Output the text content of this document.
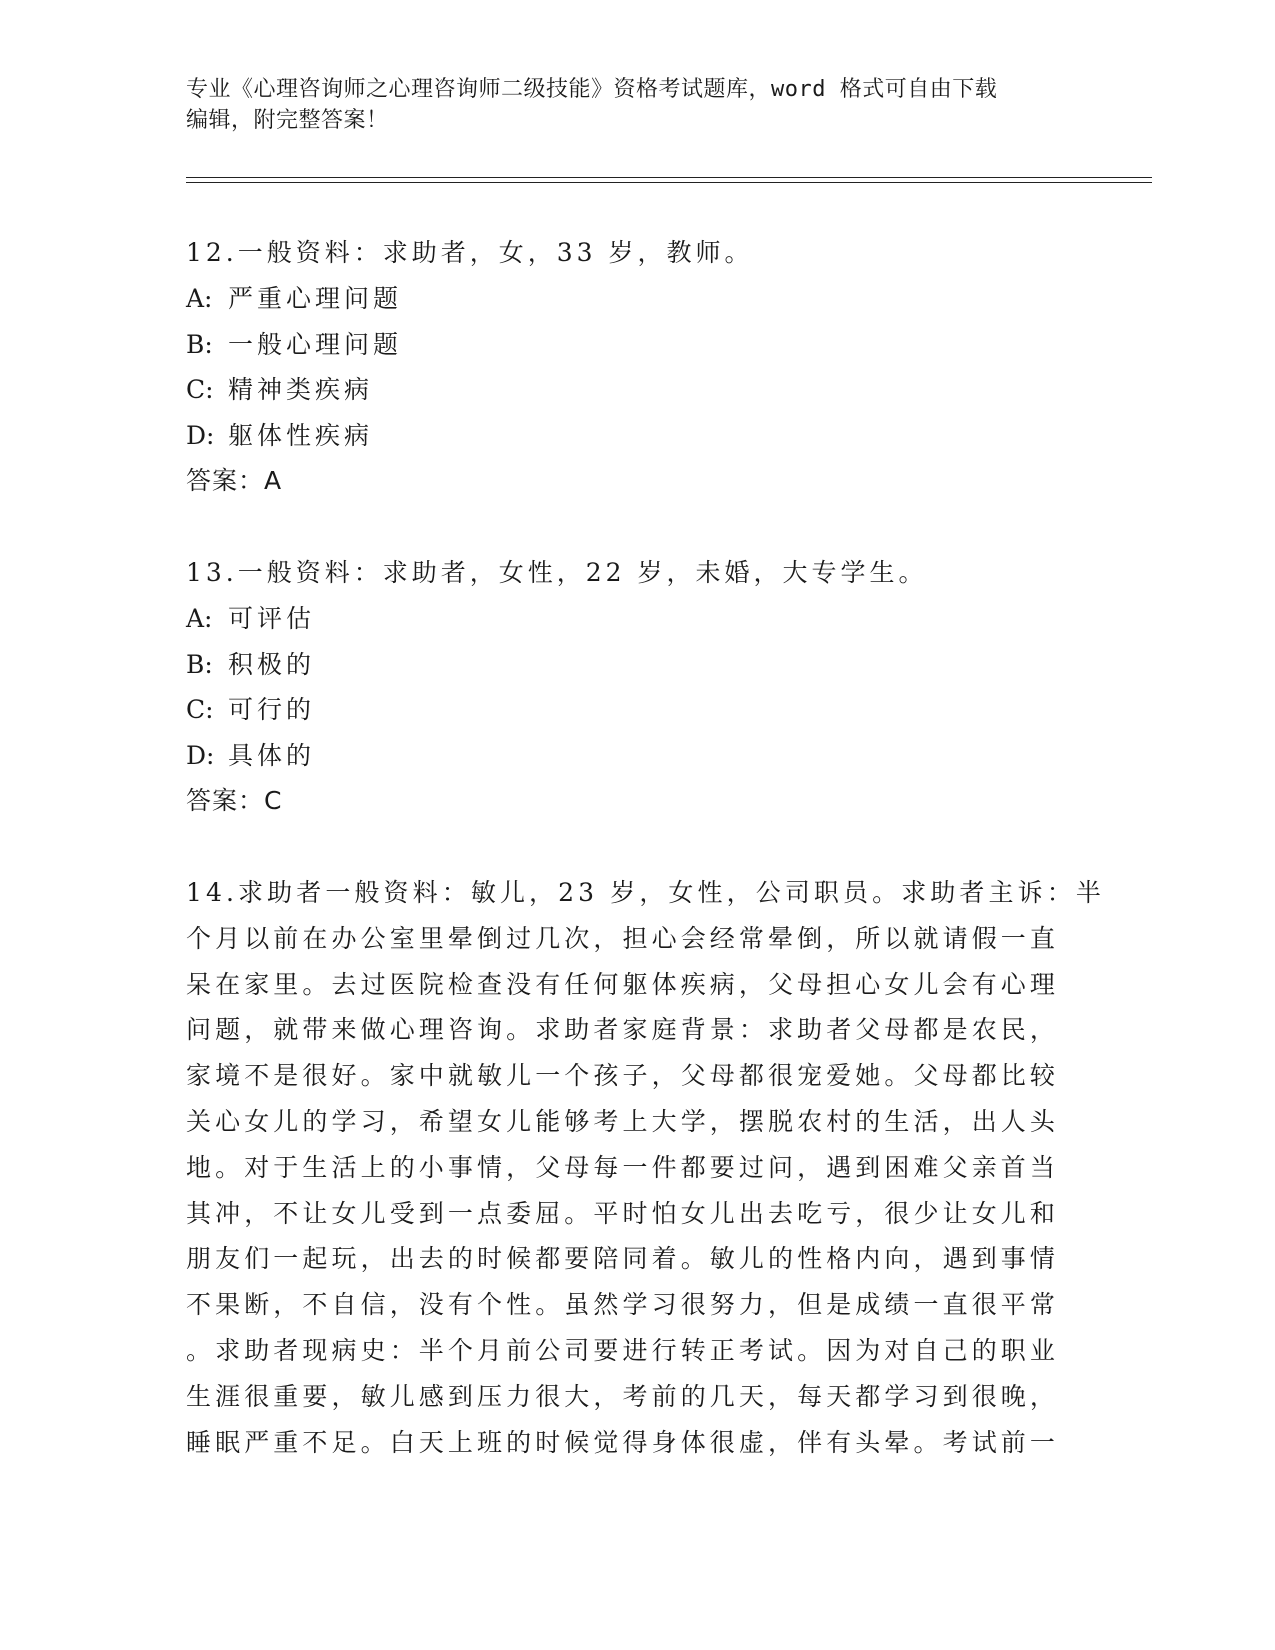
专业《心理咨询师之心理咨询师二级技能》资格考试题库，word 格式可自由下载
编辑，附完整答案！
12.一般资料：求助者，女，33 岁，教师。
A: 严重心理问题
B: 一般心理问题
C: 精神类疾病
D: 躯体性疾病
答案：A
13.一般资料：求助者，女性，22 岁，未婚，大专学生。
A: 可评估
B: 积极的
C: 可行的
D: 具体的
答案：C
14.求助者一般资料：敏儿，23 岁，女性，公司职员。求助者主诉：半
个月以前在办公室里晕倒过几次，担心会经常晕倒，所以就请假一直
呆在家里。去过医院检查没有任何躯体疾病，父母担心女儿会有心理
问题，就带来做心理咨询。求助者家庭背景：求助者父母都是农民，
家境不是很好。家中就敏儿一个孩子，父母都很宠爱她。父母都比较
关心女儿的学习，希望女儿能够考上大学，摆脱农村的生活，出人头
地。对于生活上的小事情，父母每一件都要过问，遇到困难父亲首当
其冲，不让女儿受到一点委屈。平时怕女儿出去吃亏，很少让女儿和
朋友们一起玩，出去的时候都要陪同着。敏儿的性格内向，遇到事情
不果断，不自信，没有个性。虽然学习很努力，但是成绩一直很平常
。求助者现病史：半个月前公司要进行转正考试。因为对自己的职业
生涯很重要，敏儿感到压力很大，考前的几天，每天都学习到很晚，
睡眠严重不足。白天上班的时候觉得身体很虚，伴有头晕。考试前一
